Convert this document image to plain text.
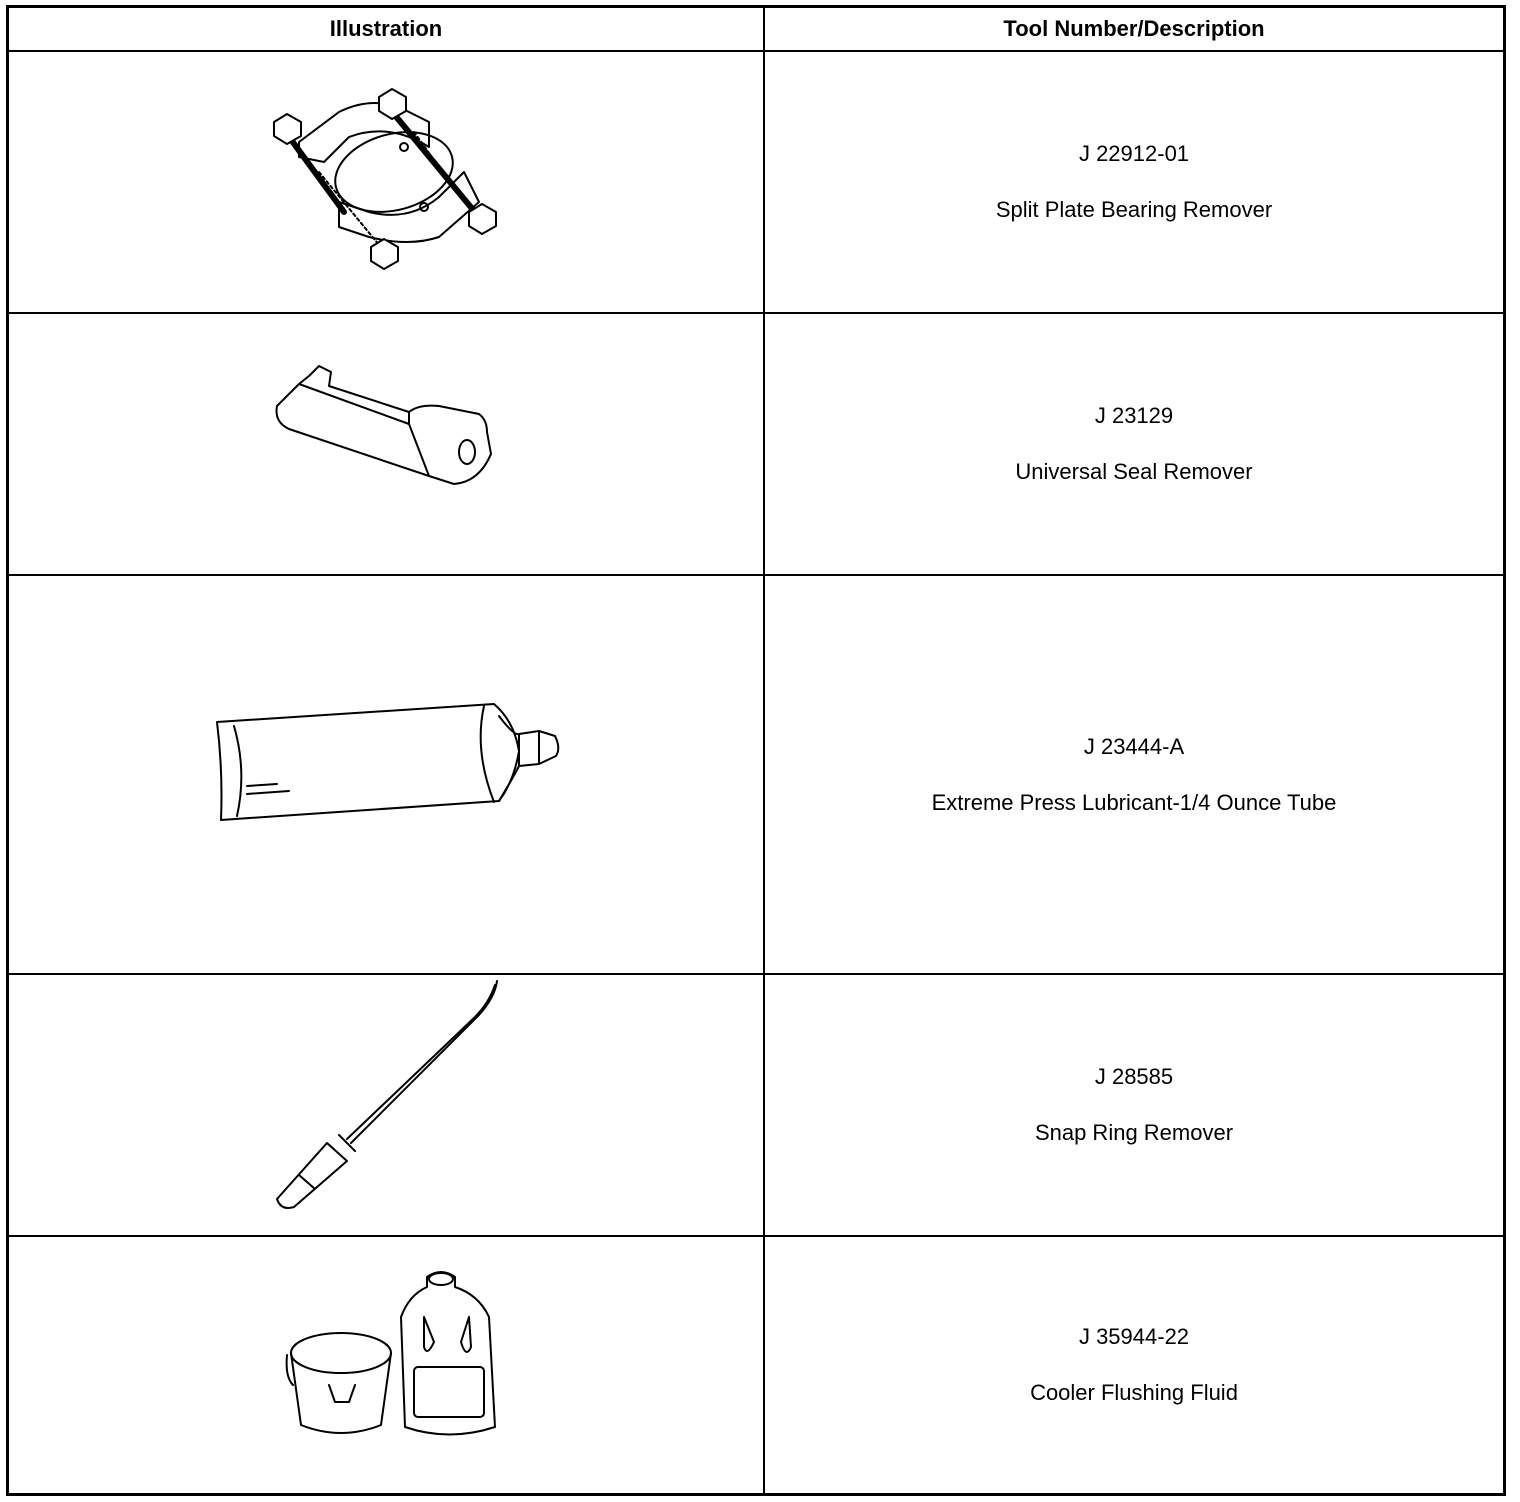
Illustration	Tool Number/Description
J 22912-01
Split Plate Bearing Remover
J 23129
Universal Seal Remover
J 23444-A
Extreme Press Lubricant-1/4 Ounce Tube
J 28585
Snap Ring Remover
J 35944-22
Cooler Flushing Fluid
